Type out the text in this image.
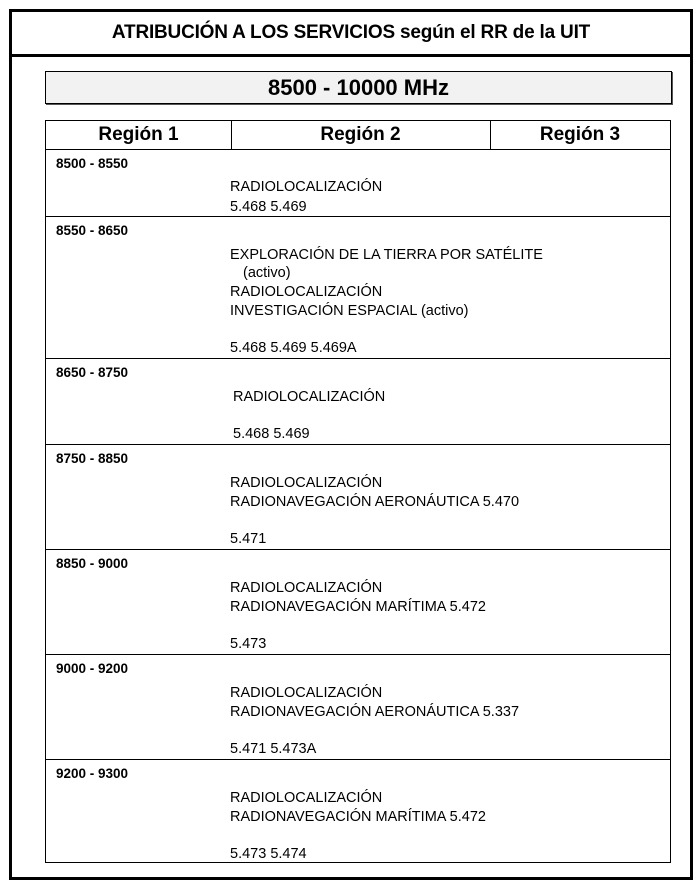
ATRIBUCIÓN A LOS SERVICIOS según el RR de la UIT
8500 - 10000 MHz
Región 1	Región 2	Región 3
8500 - 8550
RADIOLOCALIZACIÓN
5.468 5.469
8550 - 8650
EXPLORACIÓN DE LA TIERRA POR SATÉLITE
(activo)
RADIOLOCALIZACIÓN
INVESTIGACIÓN ESPACIAL (activo)
5.468 5.469 5.469A
8650 - 8750
RADIOLOCALIZACIÓN
5.468 5.469
8750 - 8850
RADIOLOCALIZACIÓN
RADIONAVEGACIÓN AERONÁUTICA 5.470
5.471
8850 - 9000
RADIOLOCALIZACIÓN
RADIONAVEGACIÓN MARÍTIMA 5.472
5.473
9000 - 9200
RADIOLOCALIZACIÓN
RADIONAVEGACIÓN AERONÁUTICA 5.337
5.471 5.473A
9200 - 9300
RADIOLOCALIZACIÓN
RADIONAVEGACIÓN MARÍTIMA 5.472
5.473 5.474
